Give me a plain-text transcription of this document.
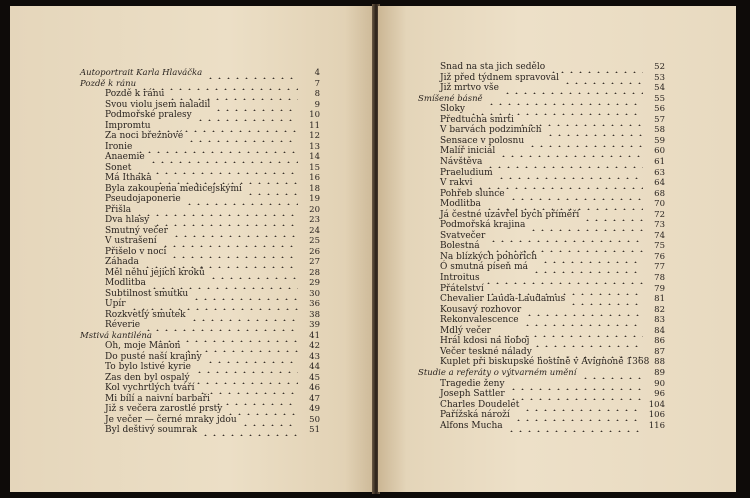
Autoportrait Karla Hlaváčka	4
Pozdě k ránu	7
Pozdě k ránu	8
Svou violu jsem naladil	9
Podmořské pralesy	10
Impromtu	11
Za noci březnové	12
Ironie	13
Anaemie	14
Sonet	15
Má Ithaka	16
Byla zakoupena medicejskými	18
Pseudojaponerie	19
Přišla	20
Dva hlasy	23
Smutný večer	24
V ustrašení	25
Přišelo v noci	26
Záhada	27
Měl něhu jejich kroků	28
Modlitba	29
Subtilnost smutku	30
Upír	36
Rozkvetlý smutek	38
Réverie	39
Mstivá kantiléna	41
Oh, moje Manon	42
Do pusté naší krajiny	43
To bylo lstivé kyrie	44
Zas den byl ospalý	45
Kol vychrtlých tváří	46
Mi bílí a naivní barbaři	47
Již s večera zarostlé prsty	49
Je večer — černé mraky jdou	50
Byl deštivý soumrak	51
Snad na sta jich sedělo	52
Již před týdnem spravoval	53
Již mrtvo vše	54
Smíšené básně	55
Sloky	56
Předtucha smrti	57
V barvách podzimních	58
Sensace v polosnu	59
Malíř iniciál	60
Návštěva	61
Praeludium	63
V rakvi	64
Pohřeb slunce	68
Modlitba	70
Já čestné uzavřel bych příměří	72
Podmořská krajina	73
Svatvečer	74
Bolestná	75
Na blízkých pohořích	76
Ó smutná píseň má	77
Introitus	78
Přátelství	79
Chevalier Lauda-Laudamus	81
Kousavý rozhovor	82
Rekonvalescence	83
Mdlý večer	84
Hrál kdosi na hoboj	86
Večer teskné nálady	87
Kuplet při biskupské hostině v Avignoně 1368 88
Studie a referáty o výtvarném umění	89
Tragedie ženy	90
Joseph Sattler	96
Charles Doudelet	104
Pařížská nároží	106
Alfons Mucha	116
